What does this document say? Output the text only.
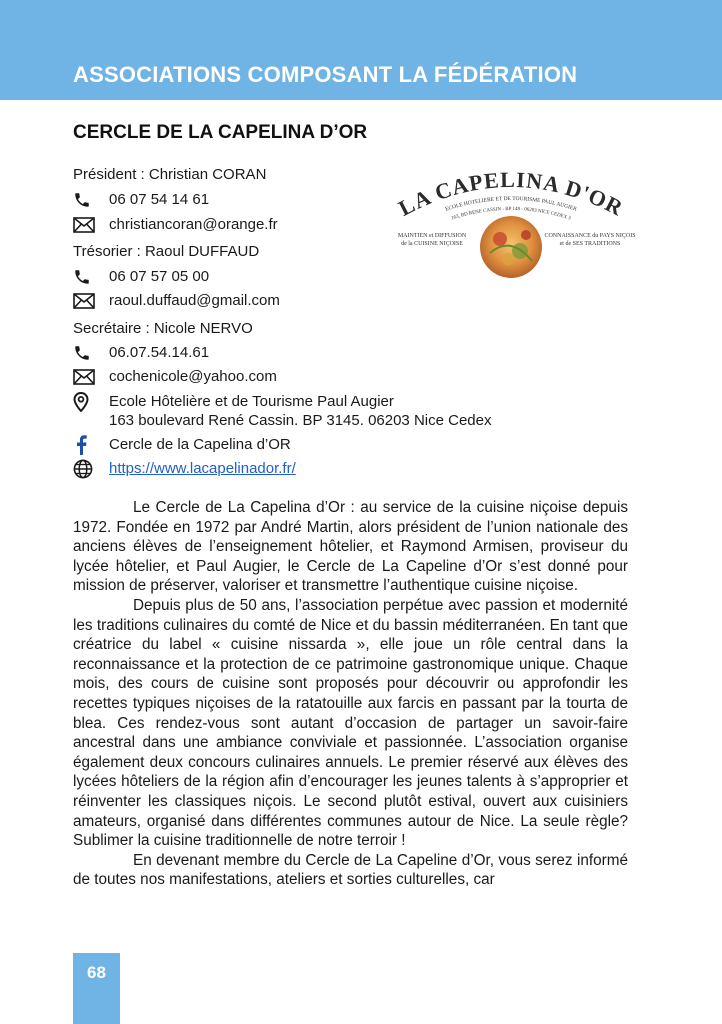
ASSOCIATIONS COMPOSANT LA FÉDÉRATION
CERCLE DE LA CAPELINA D’OR
Président : Christian CORAN
06 07 54 14 61
christiancoran@orange.fr
Trésorier : Raoul DUFFAUD
06 07 57 05 00
raoul.duffaud@gmail.com
Secrétaire : Nicole NERVO
06.07.54.14.61
cochenicole@yahoo.com
Ecole Hôtelière et de Tourisme Paul Augier
163 boulevard René Cassin. BP 3145. 06203 Nice Cedex
Cercle de la Capelina d’OR
https://www.lacapelinador.fr/
LA CAPELINA D'OR
ECOLE HOTELIERE ET DE TOURISME PAUL AUGIER
163, BD RENE CASSIN - BP 148 - 06203 NICE CEDEX 3
MAINTIEN et DIFFUSION
de la CUISINE NIÇOISE
CONNAISSANCE du PAYS NIÇOIS
et de SES TRADITIONS

Le Cercle de La Capelina d’Or : au service de la cuisine niçoise depuis 1972. Fondée en 1972 par André Martin, alors président de l’union nationale des anciens élèves de l’enseignement hôtelier, et Raymond Armisen, proviseur du lycée hôtelier, et Paul Augier, le Cercle de La Capeline d’Or s’est donné pour mission de préserver, valoriser et transmettre l’authentique cuisine niçoise.

Depuis plus de 50 ans, l’association perpétue avec passion et modernité les traditions culinaires du comté de Nice et du bassin méditerranéen. En tant que créatrice du label « cuisine nissarda », elle joue un rôle central dans la reconnaissance et la protection de ce patrimoine gastronomique unique. Chaque mois, des cours de cuisine sont proposés pour découvrir ou approfondir les recettes typiques niçoises de la ratatouille aux farcis en passant par la tourta de blea. Ces rendez-vous sont autant d’occasion de partager un savoir-faire ancestral dans une ambiance conviviale et passionnée. L’association organise également deux concours culinaires annuels. Le premier réservé aux élèves des lycées hôteliers de la région afin d’encourager les jeunes talents à s’approprier et réinventer les classiques niçois. Le second plutôt estival, ouvert aux cuisiniers amateurs, organisé dans différentes communes autour de Nice. La seule règle? Sublimer la cuisine traditionnelle de notre terroir !

En devenant membre du Cercle de La Capeline d’Or, vous serez informé de toutes nos manifestations, ateliers et sorties culturelles, car

68
